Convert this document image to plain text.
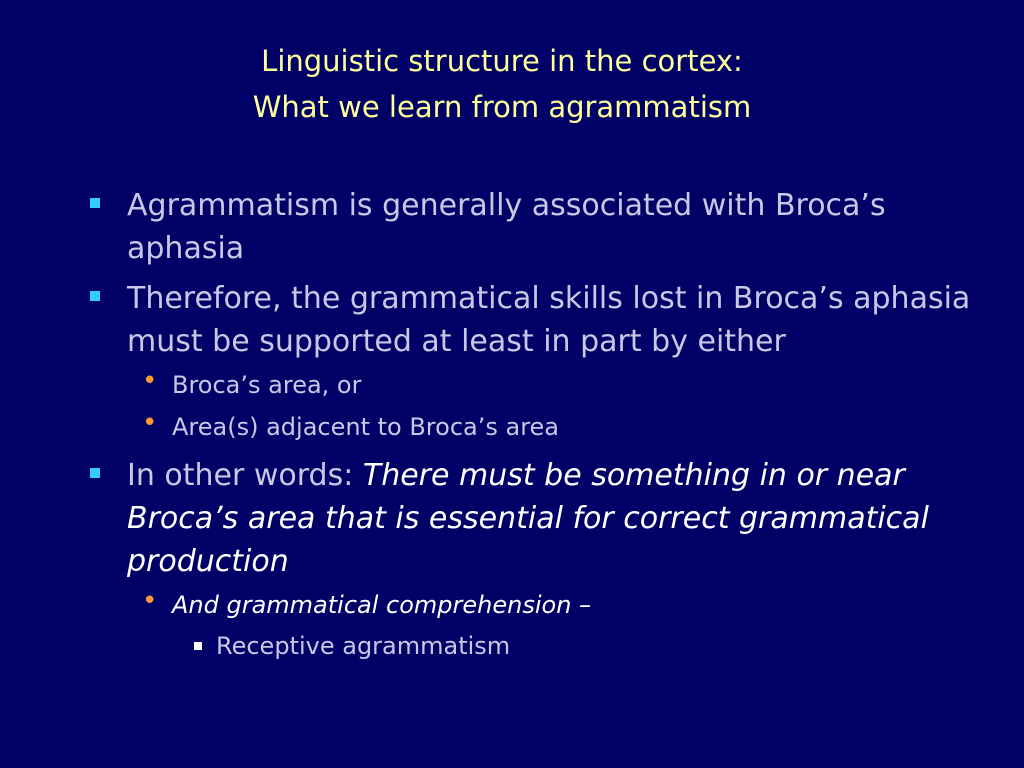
Linguistic structure in the cortex:
What we learn from agrammatism
Agrammatism is generally associated with Broca’s aphasia
Therefore, the grammatical skills lost in Broca’s aphasia must be supported at least in part by either
• Broca’s area, or
• Area(s) adjacent to Broca’s area
In other words: There must be something in or near Broca’s area that is essential for correct grammatical production
• And grammatical comprehension –
Receptive agrammatism
